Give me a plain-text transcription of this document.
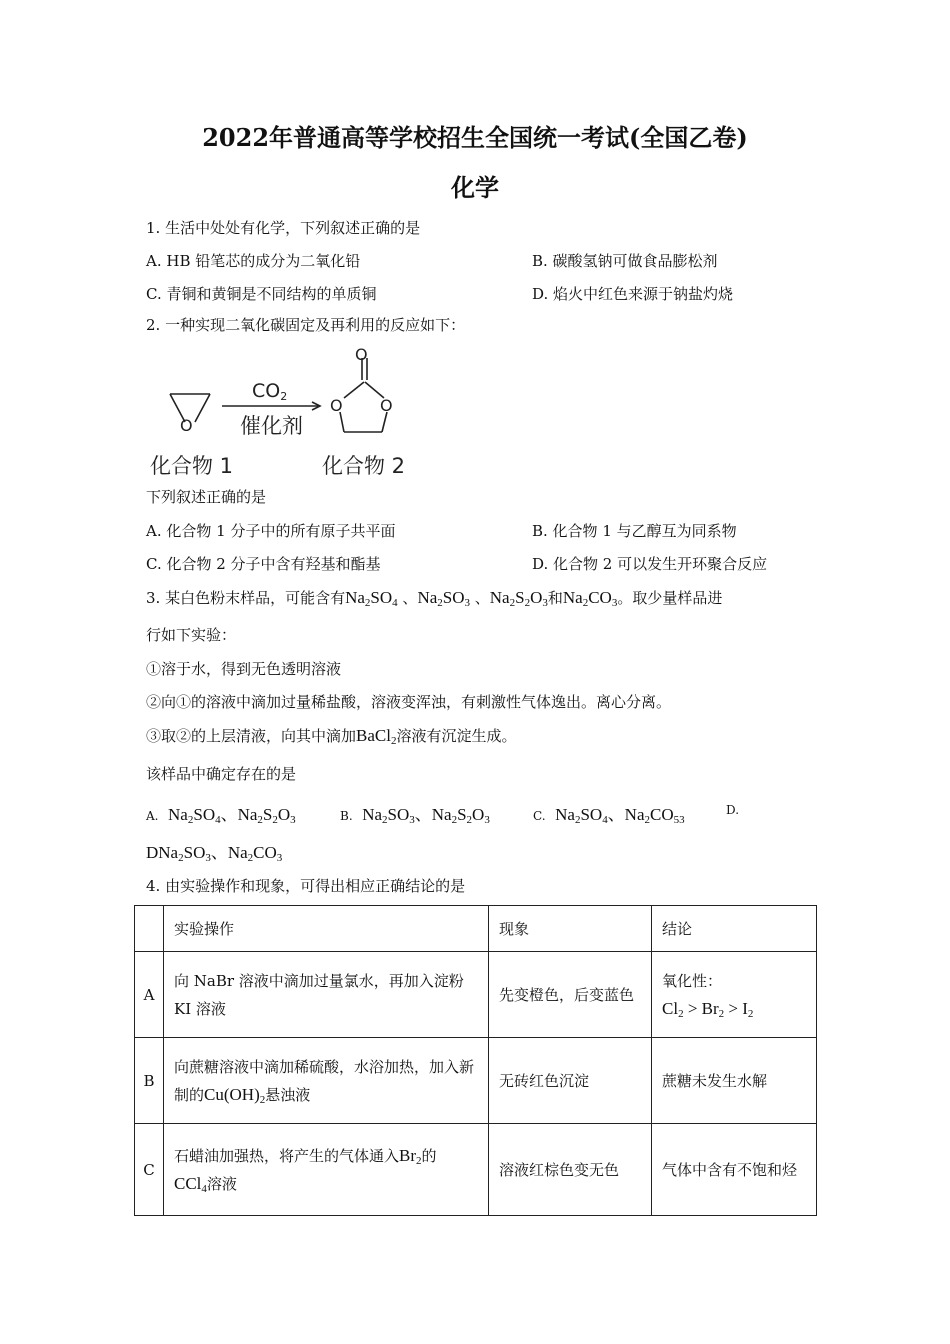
2022年普通高等学校招生全国统一考试(全国乙卷)
化学
1. 生活中处处有化学，下列叙述正确的是
A. HB 铅笔芯的成分为二氧化铅	B. 碳酸氢钠可做食品膨松剂
C. 青铜和黄铜是不同结构的单质铜	D. 焰火中红色来源于钠盐灼烧
2. 一种实现二氧化碳固定及再利用的反应如下：
O
O
O O
$CO_2$
催化剂
化合物 1	化合物 2
下列叙述正确的是
A. 化合物 1 分子中的所有原子共平面	B. 化合物 1 与乙醇互为同系物
C. 化合物 2 分子中含有羟基和酯基	D. 化合物 2 可以发生开环聚合反应
3. 某白色粉末样品，可能含有$Na_2SO_4$ 、$Na_2SO_3$ 、$Na_2S_2O_3$和$Na_2CO_3$。取少量样品进
行如下实验：
①溶于水，得到无色透明溶液
②向①的溶液中滴加过量稀盐酸，溶液变浑浊，有刺激性气体逸出。离心分离。
③取②的上层清液，向其中滴加BaCl$_2$溶液有沉淀生成。
该样品中确定存在的是
A. $Na_2SO_4$、$Na_2S_2O_3$	B. $Na_2SO_3$、$Na_2S_2O_3$	C. $Na_2SO_4$、$Na_2CO_{53}$
D.
$DNa_2SO_3$、$Na_2CO_3$
4. 由实验操作和现象，可得出相应正确结论的是
	实验操作	现象	结论
A	向 NaBr 溶液中滴加过量氯水，再加入淀粉 KI 溶液	先变橙色，后变蓝色	氧化性：
$Cl_2 > Br_2 > I_2$

B	向蔗糖溶液中滴加稀硫酸，水浴加热，加入新制的$Cu(OH)_2$悬浊液	无砖红色沉淀	蔗糖未发生水解
C	石蜡油加强热，将产生的气体通入$Br_2$的
CCl$_4$溶液	溶液红棕色变无色	气体中含有不饱和烃
